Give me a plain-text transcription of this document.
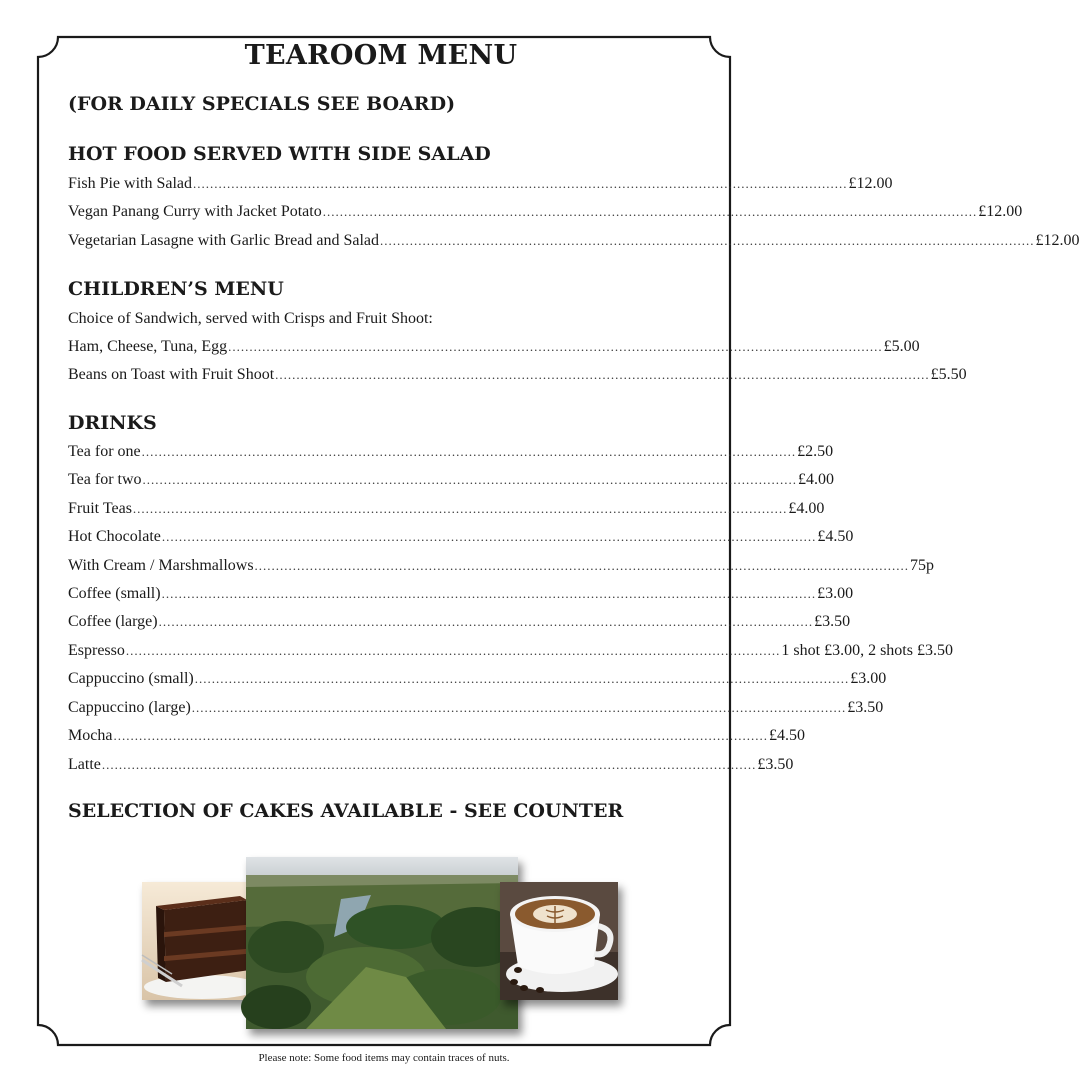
TEAROOM MENU
(FOR DAILY SPECIALS SEE BOARD)
HOT FOOD SERVED WITH SIDE SALAD
Fish Pie with Salad .......................................................................................................................................................... £12.00
Vegan Panang Curry with Jacket Potato .......................................................................................................................................................... £12.00
Vegetarian Lasagne with Garlic Bread and Salad .......................................................................................................................................................... £12.00
CHILDREN’S MENU
Choice of Sandwich, served with Crisps and Fruit Shoot:
Ham, Cheese, Tuna, Egg .......................................................................................................................................................... £5.00
Beans on Toast with Fruit Shoot .......................................................................................................................................................... £5.50
DRINKS
Tea for one .......................................................................................................................................................... £2.50
Tea for two .......................................................................................................................................................... £4.00
Fruit Teas .......................................................................................................................................................... £4.00
Hot Chocolate .......................................................................................................................................................... £4.50
With Cream / Marshmallows .......................................................................................................................................................... 75p
Coffee (small) .......................................................................................................................................................... £3.00
Coffee (large) .......................................................................................................................................................... £3.50
Espresso .......................................................................................................................................................... 1 shot £3.00, 2 shots £3.50
Cappuccino (small) .......................................................................................................................................................... £3.00
Cappuccino (large) .......................................................................................................................................................... £3.50
Mocha .......................................................................................................................................................... £4.50
Latte .......................................................................................................................................................... £3.50
SELECTION OF CAKES AVAILABLE - SEE COUNTER

Please note: Some food items may contain traces of nuts.
